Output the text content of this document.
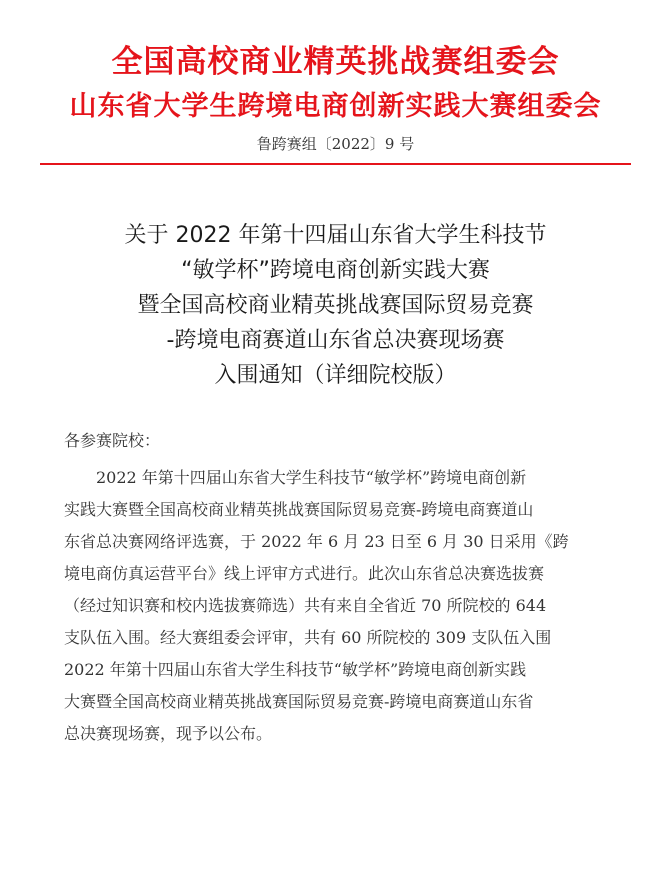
全国高校商业精英挑战赛组委会
山东省大学生跨境电商创新实践大赛组委会
鲁跨赛组〔2022〕9 号
关于 2022 年第十四届山东省大学生科技节
“敏学杯”跨境电商创新实践大赛
暨全国高校商业精英挑战赛国际贸易竞赛
-跨境电商赛道山东省总决赛现场赛
入围通知（详细院校版）
各参赛院校：
2022 年第十四届山东省大学生科技节“敏学杯”跨境电商创新
实践大赛暨全国高校商业精英挑战赛国际贸易竞赛-跨境电商赛道山
东省总决赛网络评选赛，于 2022 年 6 月 23 日至 6 月 30 日采用《跨
境电商仿真运营平台》线上评审方式进行。此次山东省总决赛选拔赛
（经过知识赛和校内选拔赛筛选）共有来自全省近 70 所院校的 644
支队伍入围。经大赛组委会评审，共有 60 所院校的 309 支队伍入围
2022 年第十四届山东省大学生科技节“敏学杯”跨境电商创新实践
大赛暨全国高校商业精英挑战赛国际贸易竞赛-跨境电商赛道山东省
总决赛现场赛，现予以公布。
